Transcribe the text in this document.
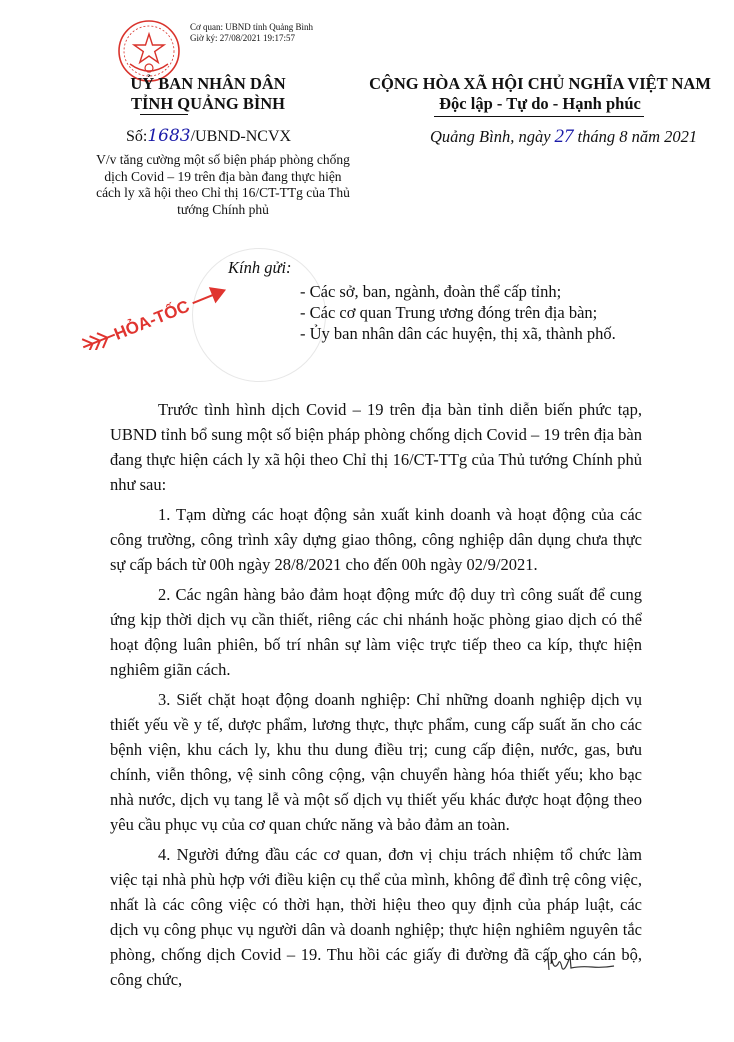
Cơ quan: UBND tỉnh Quảng Bình
Giờ ký: 27/08/2021 19:17:57
UỶ BAN NHÂN DÂN
TỈNH QUẢNG BÌNH
CỘNG HÒA XÃ HỘI CHỦ NGHĨA VIỆT NAM
Độc lập - Tự do - Hạnh phúc
Số:1683/UBND-NCVX	Quảng Bình, ngày 27 tháng 8 năm 2021
V/v tăng cường một số biện pháp phòng chống dịch Covid – 19 trên địa bàn đang thực hiện cách ly xã hội theo Chỉ thị 16/CT-TTg của Thủ tướng Chính phủ
HỎA-TỐC
Kính gửi:
- Các sở, ban, ngành, đoàn thể cấp tỉnh;
- Các cơ quan Trung ương đóng trên địa bàn;
- Ủy ban nhân dân các huyện, thị xã, thành phố.

Trước tình hình dịch Covid – 19 trên địa bàn tỉnh diễn biến phức tạp, UBND tỉnh bổ sung một số biện pháp phòng chống dịch Covid – 19 trên địa bàn đang thực hiện cách ly xã hội theo Chỉ thị 16/CT-TTg của Thủ tướng Chính phủ như sau:

1. Tạm dừng các hoạt động sản xuất kinh doanh và hoạt động của các công trường, công trình xây dựng giao thông, công nghiệp dân dụng chưa thực sự cấp bách từ 00h ngày 28/8/2021 cho đến 00h ngày 02/9/2021.

2. Các ngân hàng bảo đảm hoạt động mức độ duy trì công suất để cung ứng kịp thời dịch vụ cần thiết, riêng các chi nhánh hoặc phòng giao dịch có thể hoạt động luân phiên, bố trí nhân sự làm việc trực tiếp theo ca kíp, thực hiện nghiêm giãn cách.

3. Siết chặt hoạt động doanh nghiệp: Chỉ những doanh nghiệp dịch vụ thiết yếu về y tế, dược phẩm, lương thực, thực phẩm, cung cấp suất ăn cho các bệnh viện, khu cách ly, khu thu dung điều trị; cung cấp điện, nước, gas, bưu chính, viễn thông, vệ sinh công cộng, vận chuyển hàng hóa thiết yếu; kho bạc nhà nước, dịch vụ tang lễ và một số dịch vụ thiết yếu khác được hoạt động theo yêu cầu phục vụ của cơ quan chức năng và bảo đảm an toàn.

4. Người đứng đầu các cơ quan, đơn vị chịu trách nhiệm tổ chức làm việc tại nhà phù hợp với điều kiện cụ thể của mình, không để đình trệ công việc, nhất là các công việc có thời hạn, thời hiệu theo quy định của pháp luật, các dịch vụ công phục vụ người dân và doanh nghiệp; thực hiện nghiêm nguyên tắc phòng, chống dịch Covid – 19. Thu hồi các giấy đi đường đã cấp cho cán bộ, công chức,
